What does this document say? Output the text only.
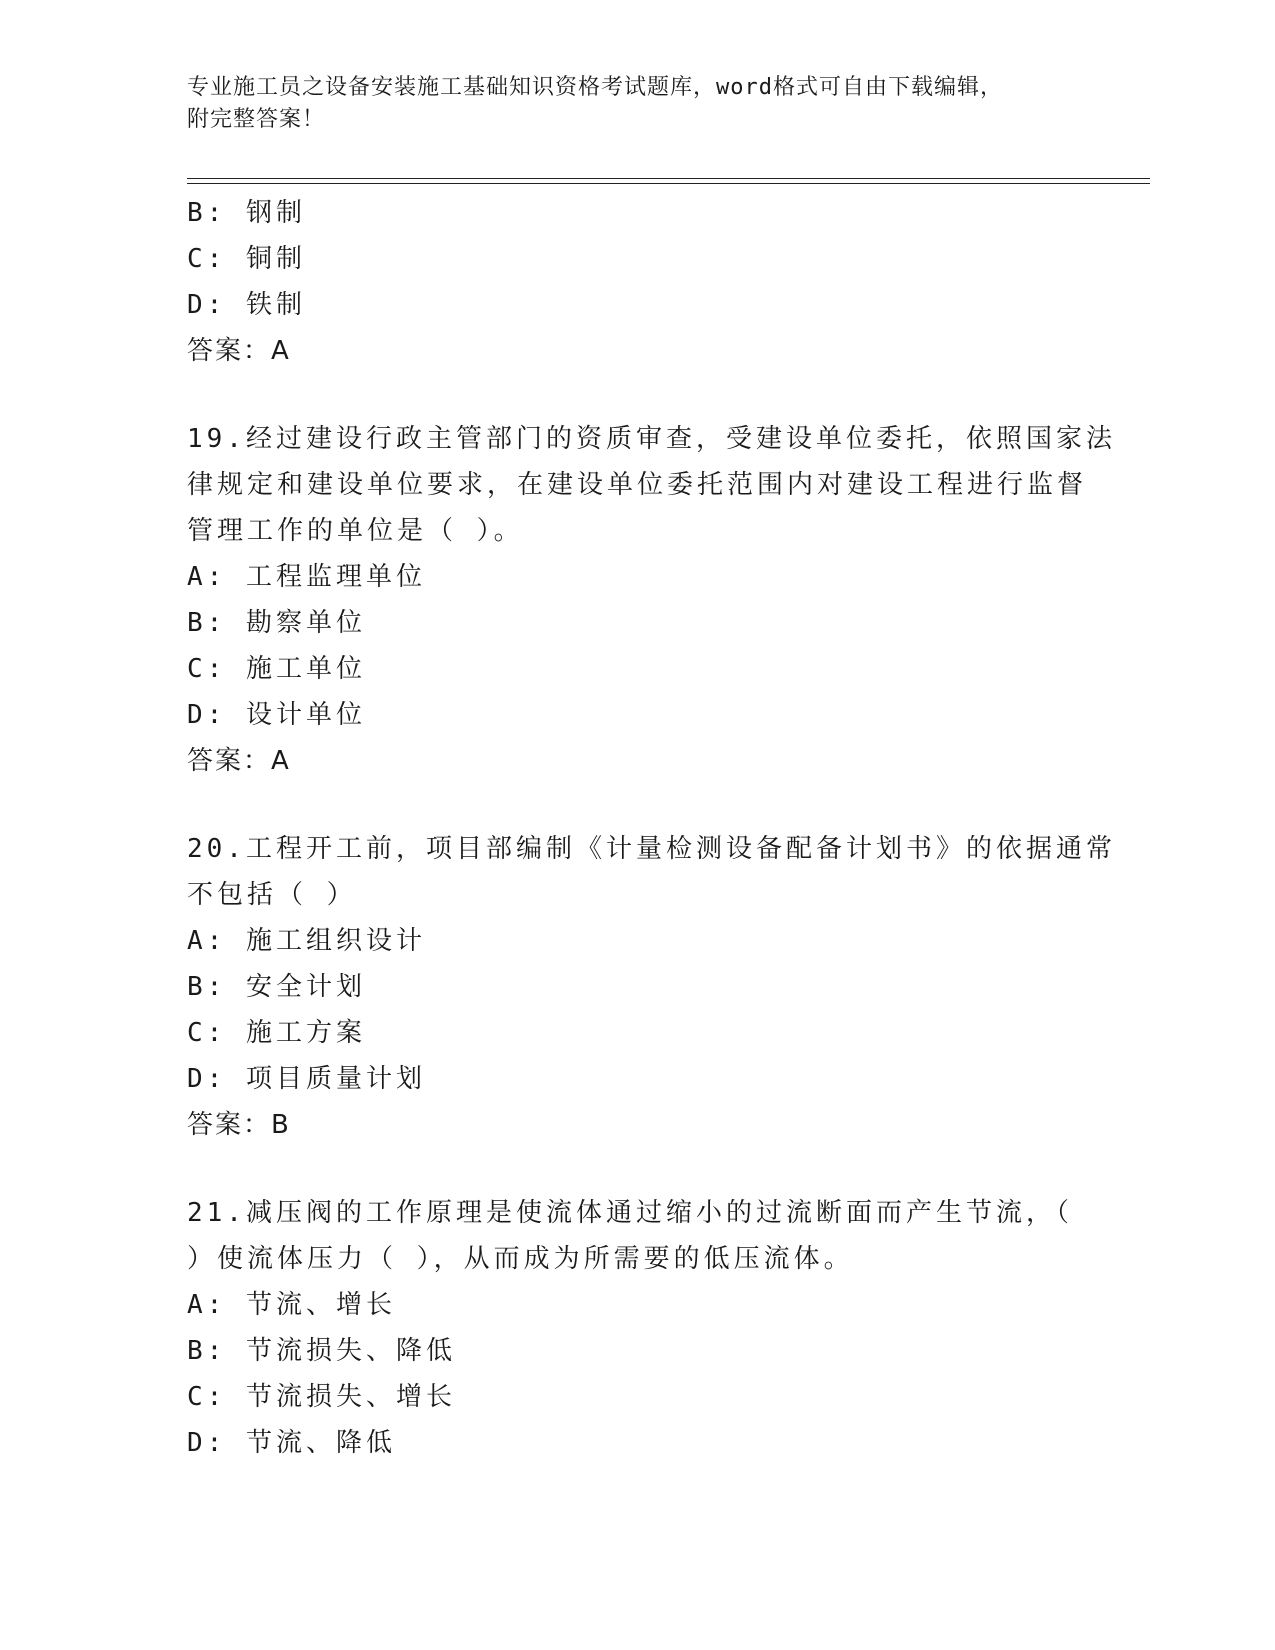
专业施工员之设备安装施工基础知识资格考试题库，word格式可自由下载编辑，
附完整答案！
B: 钢制
C: 铜制
D: 铁制
答案：A
19.经过建设行政主管部门的资质审查，受建设单位委托，依照国家法
律规定和建设单位要求，在建设单位委托范围内对建设工程进行监督
管理工作的单位是（ ）。
A: 工程监理单位
B: 勘察单位
C: 施工单位
D: 设计单位
答案：A
20.工程开工前，项目部编制《计量检测设备配备计划书》的依据通常
不包括（ ）
A: 施工组织设计
B: 安全计划
C: 施工方案
D: 项目质量计划
答案：B
21.减压阀的工作原理是使流体通过缩小的过流断面而产生节流，（
）使流体压力（ ），从而成为所需要的低压流体。
A: 节流、增长
B: 节流损失、降低
C: 节流损失、增长
D: 节流、降低
